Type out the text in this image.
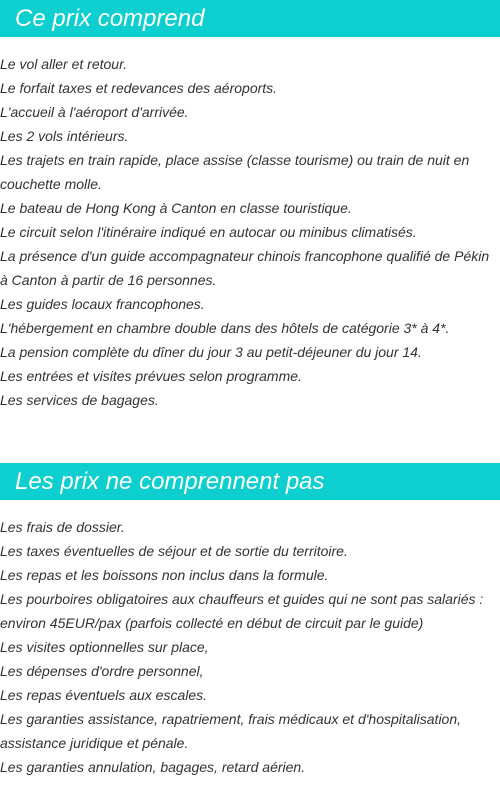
Ce prix comprend
Le vol aller et retour.
Le forfait taxes et redevances des aéroports.
L'accueil à l'aéroport d'arrivée.
Les 2 vols intérieurs.
Les trajets en train rapide, place assise (classe tourisme) ou train de nuit en couchette molle.
Le bateau de Hong Kong à Canton en classe touristique.
Le circuit selon l'itinéraire indiqué en autocar ou minibus climatisés.
La présence d'un guide accompagnateur chinois francophone qualifié de Pékin à Canton à partir de 16 personnes.
Les guides locaux francophones.
L'hébergement en chambre double dans des hôtels de catégorie 3* à 4*.
La pension complète du dîner du jour 3 au petit-déjeuner du jour 14.
Les entrées et visites prévues selon programme.
Les services de bagages.
Les prix ne comprennent pas
Les frais de dossier.
Les taxes éventuelles de séjour et de sortie du territoire.
Les repas et les boissons non inclus dans la formule.
Les pourboires obligatoires aux chauffeurs et guides qui ne sont pas salariés : environ 45EUR/pax (parfois collecté en début de circuit par le guide)
Les visites optionnelles sur place,
Les dépenses d'ordre personnel,
Les repas éventuels aux escales.
Les garanties assistance, rapatriement, frais médicaux et d'hospitalisation, assistance juridique et pénale.
Les garanties annulation, bagages, retard aérien.
